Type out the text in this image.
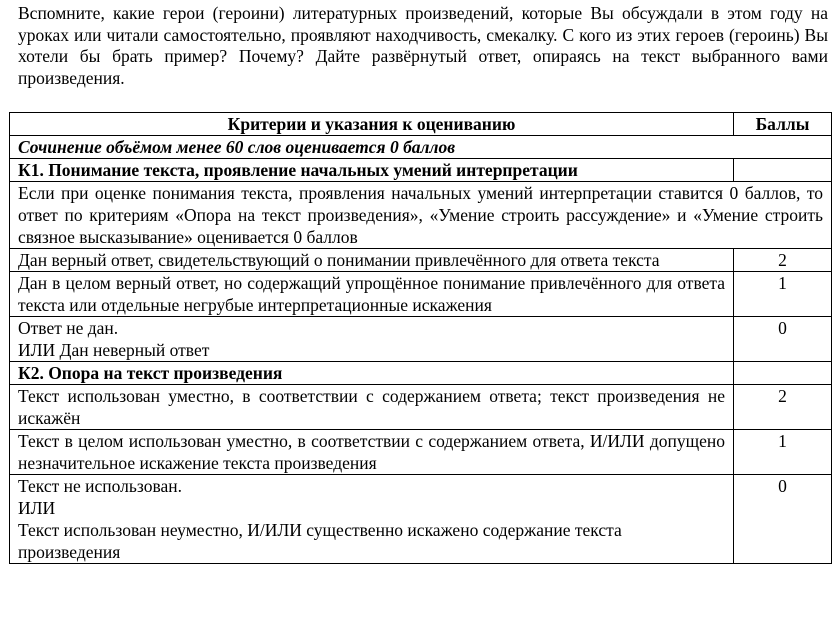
Вспомните, какие герои (героини) литературных произведений, которые Вы обсуждали в этом году на уроках или читали самостоятельно, проявляют находчивость, смекалку. С кого из этих героев (героинь) Вы хотели бы брать пример? Почему? Дайте развёрнутый ответ, опираясь на текст выбранного вами произведения.

Критерии и указания к оцениванию	Баллы
Сочинение объёмом менее 60 слов оценивается 0 баллов	
К1. Понимание текста, проявление начальных умений интерпретации	
Если при оценке понимания текста, проявления начальных умений интерпретации ставится 0 баллов, то ответ по критериям «Опора на текст произведения», «Умение строить рассуждение» и «Умение строить связное высказывание» оценивается 0 баллов	
Дан верный ответ, свидетельствующий о понимании привлечённого для ответа текста	2
Дан в целом верный ответ, но содержащий упрощённое понимание привлечённого для ответа текста или отдельные негрубые интерпретационные искажения	1

Ответ не дан.
ИЛИ Дан неверный ответ	0
К2. Опора на текст произведения	
Текст использован уместно, в соответствии с содержанием ответа; текст произведения не искажён	2
Текст в целом использован уместно, в соответствии с содержанием ответа, И/ИЛИ допущено незначительное искажение текста произведения	1

Текст не использован.
ИЛИ
Текст использован неуместно, И/ИЛИ существенно искажено содержание текста произведения	0
